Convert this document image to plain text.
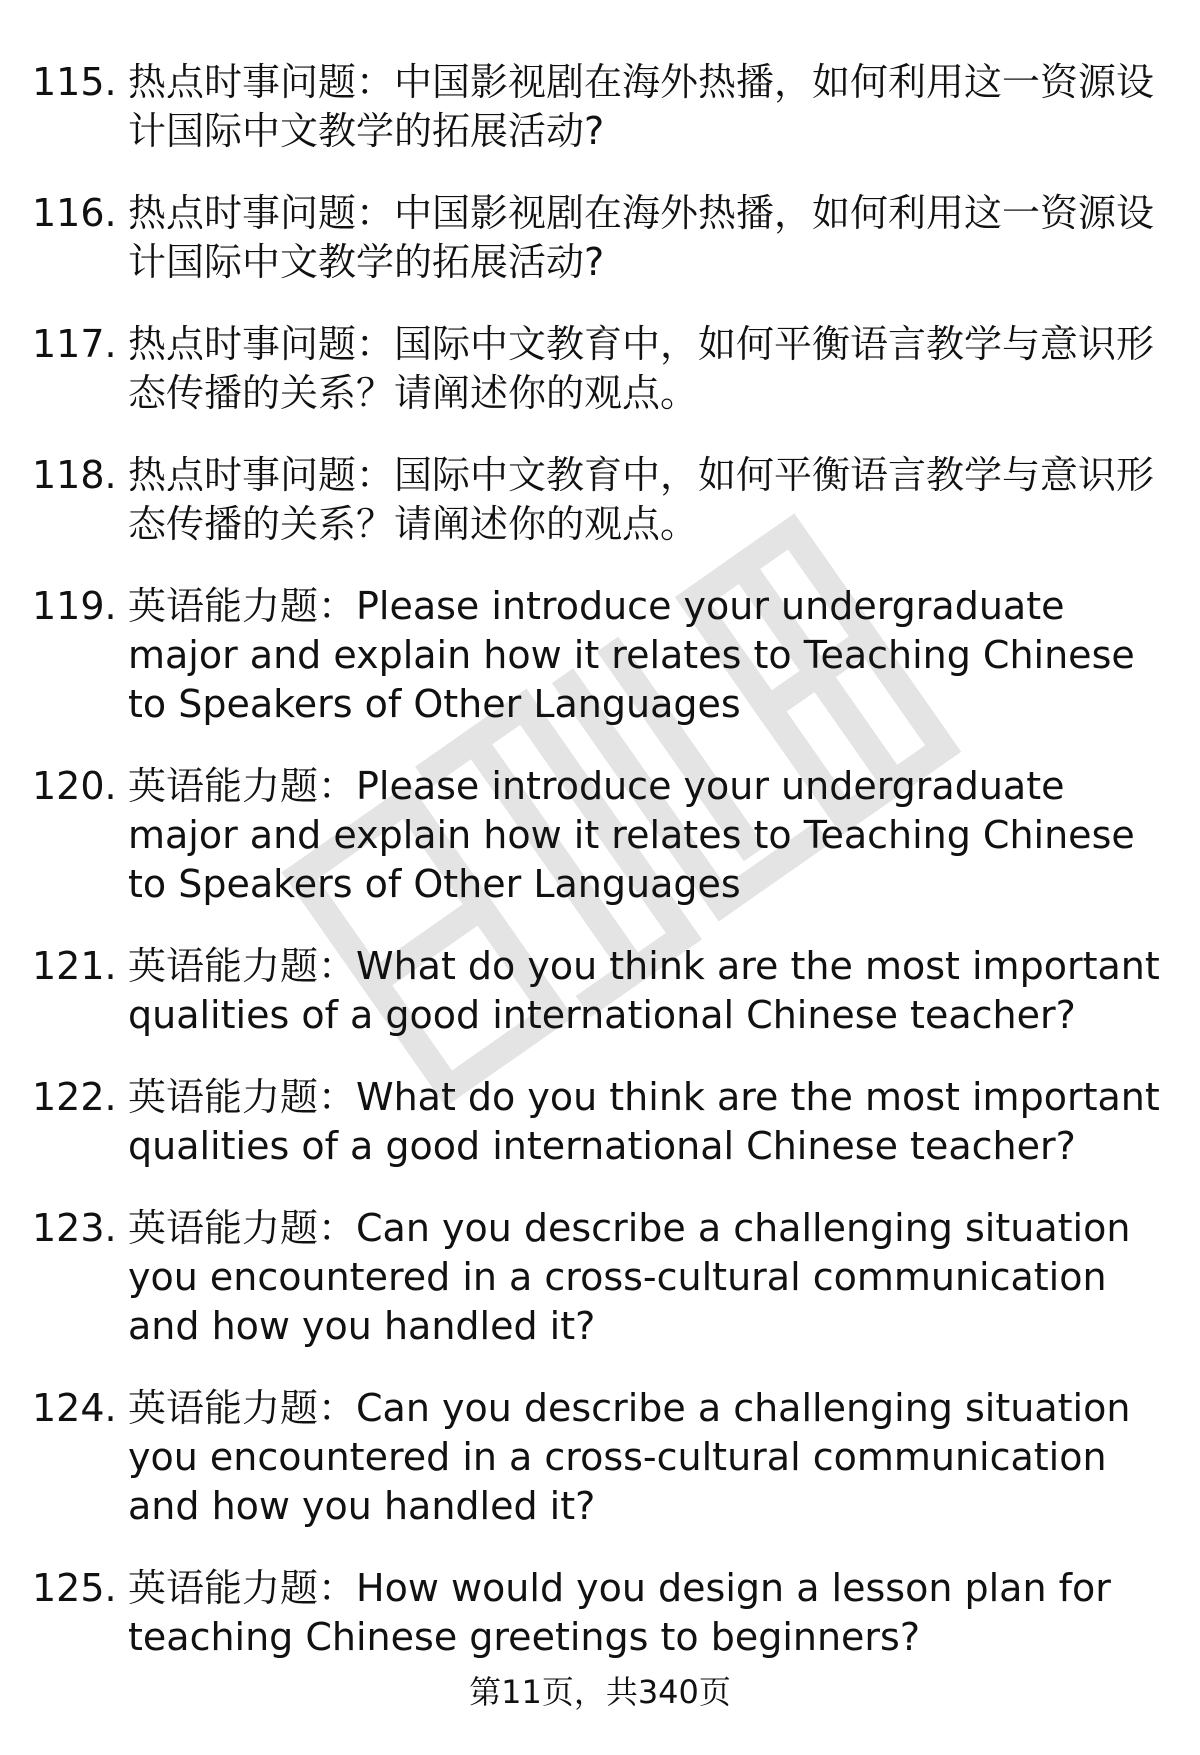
115. 热点时事问题：中国影视剧在海外热播，如何利用这一资源设计国际中文教学的拓展活动?
116. 热点时事问题：中国影视剧在海外热播，如何利用这一资源设计国际中文教学的拓展活动?
117. 热点时事问题：国际中文教育中，如何平衡语言教学与意识形态传播的关系？请阐述你的观点。
118. 热点时事问题：国际中文教育中，如何平衡语言教学与意识形态传播的关系？请阐述你的观点。
119. 英语能力题：Please introduce your undergraduate major and explain how it relates to Teaching Chinese to Speakers of Other Languages
120. 英语能力题：Please introduce your undergraduate major and explain how it relates to Teaching Chinese to Speakers of Other Languages
121. 英语能力题：What do you think are the most important qualities of a good international Chinese teacher?
122. 英语能力题：What do you think are the most important qualities of a good international Chinese teacher?
123. 英语能力题：Can you describe a challenging situation you encountered in a cross-cultural communication and how you handled it?
124. 英语能力题：Can you describe a challenging situation you encountered in a cross-cultural communication and how you handled it?
125. 英语能力题：How would you design a lesson plan for teaching Chinese greetings to beginners?
第11页，共340页
